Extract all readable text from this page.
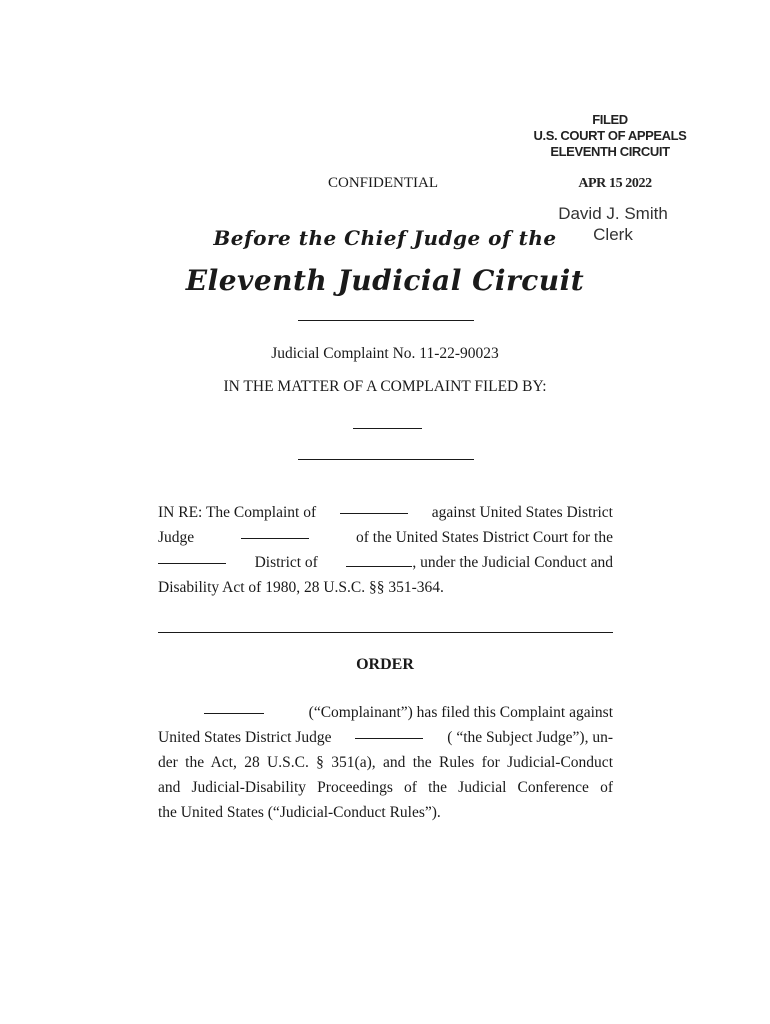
FILED
U.S. COURT OF APPEALS
ELEVENTH CIRCUIT
CONFIDENTIAL	APR 15 2022
David J. Smith
Clerk
Before the Chief Judge of the
Eleventh Judicial Circuit
Judicial Complaint No. 11-22-90023
IN THE MATTER OF A COMPLAINT FILED BY:
IN RE: The Complaint of	against United States District
Judge	of the United States District Court for the
District of	, under the Judicial Conduct and
Disability Act of 1980, 28 U.S.C. §§ 351-364.
ORDER
(“Complainant”) has filed this Complaint against
United States District Judge	( “the Subject Judge”), un-
der the Act, 28 U.S.C. § 351(a), and the Rules for Judicial-Conduct
and Judicial-Disability Proceedings of the Judicial Conference of
the United States (“Judicial-Conduct Rules”).
